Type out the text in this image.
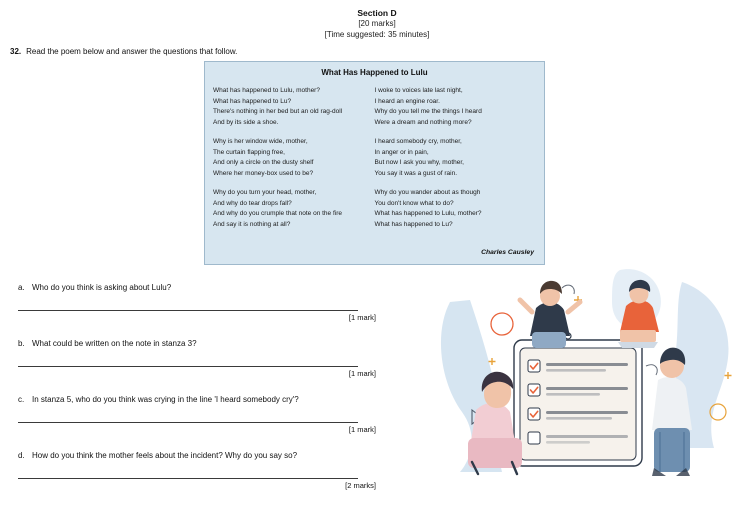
Section D
[20 marks]
[Time suggested: 35 minutes]
32. Read the poem below and answer the questions that follow.
What Has Happened to Lulu
What has happened to Lulu, mother?
What has happened to Lu?
There's nothing in her bed but an old rag-doll
And by its side a shoe.
Why is her window wide, mother,
The curtain flapping free,
And only a circle on the dusty shelf
Where her money-box used to be?
Why do you turn your head, mother,
And why do tear drops fall?
And why do you crumple that note on the fire
And say it is nothing at all?
I woke to voices late last night,
I heard an engine roar.
Why do you tell me the things I heard
Were a dream and nothing more?
I heard somebody cry, mother,
In anger or in pain,
But now I ask you why, mother,
You say it was a gust of rain.
Why do you wander about as though
You don't know what to do?
What has happened to Lulu, mother?
What has happened to Lu?
Charles Causley
a. Who do you think is asking about Lulu?
[1 mark]
b. What could be written on the note in stanza 3?
[1 mark]
c. In stanza 5, who do you think was crying in the line 'I heard somebody cry'?
[1 mark]
d. How do you think the mother feels about the incident? Why do you say so?
[2 marks]
